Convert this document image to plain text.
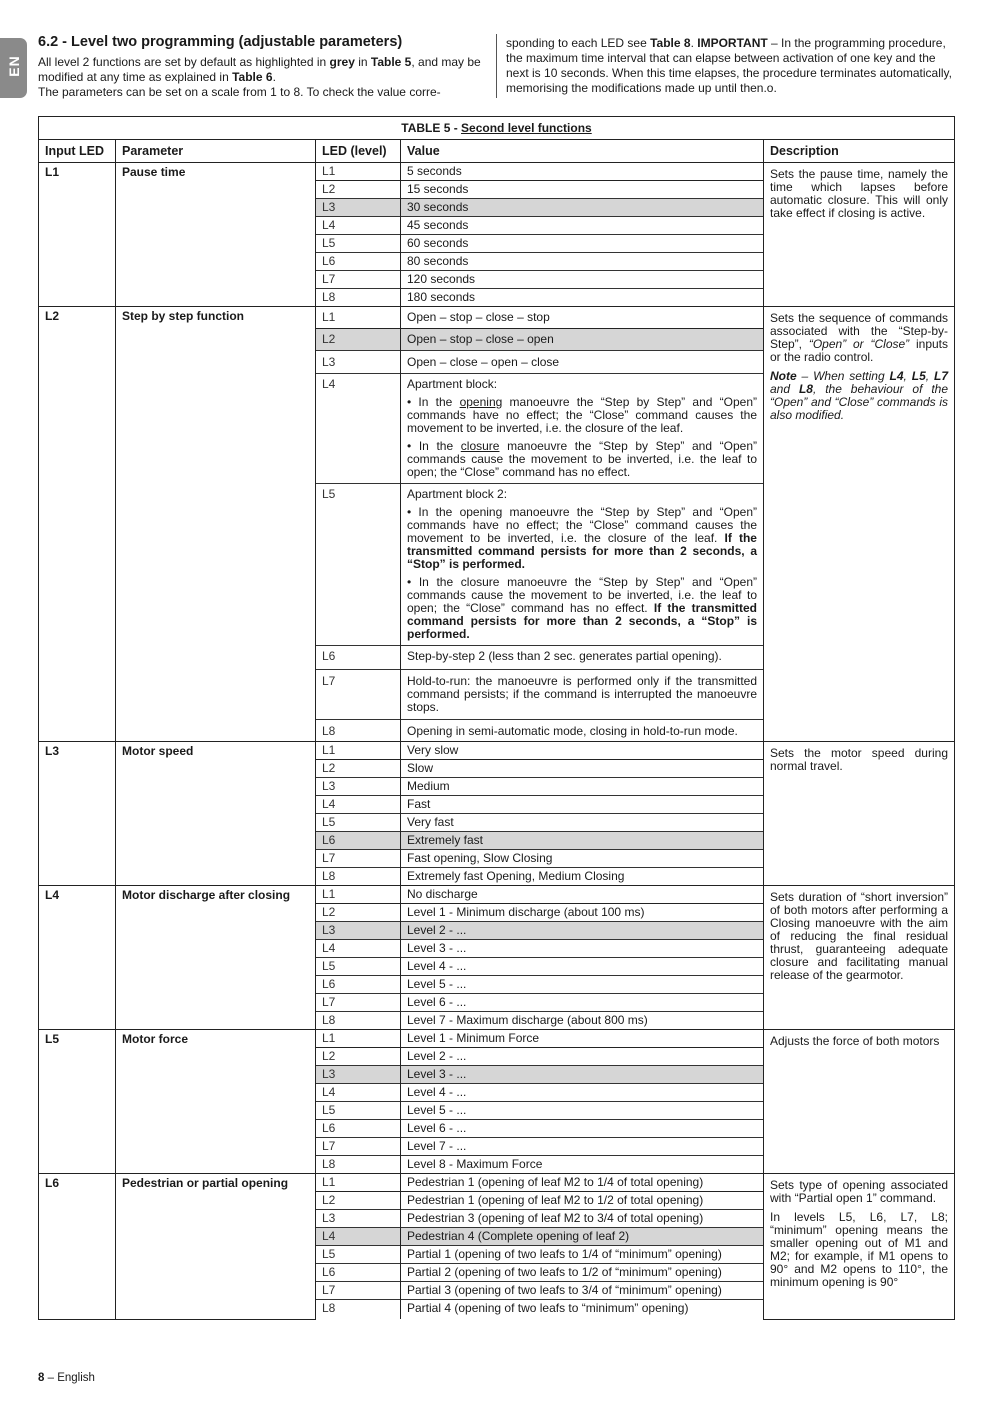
EN
6.2 - Level two programming (adjustable parameters)

All level 2 functions are set by default as highlighted in grey in Table 5, and may be modified at any time as explained in Table 6.

The parameters can be set on a scale from 1 to 8. To check the value corre-

sponding to each LED see Table 8. IMPORTANT – In the programming procedure, the maximum time interval that can elapse between activation of one key and the next is 10 seconds. When this time elapses, the procedure terminates automatically, memorising the modifications made up until then.o.

TABLE 5 - Second level functions				
Input LED	Parameter	LED (level)	Value	Description
L1	Pause time	L1	5 seconds	Sets the pause time, namely the time which lapses before automatic closure. This will only take effect if closing is active.
		L2	15 seconds	
		L3	30 seconds	
		L4	45 seconds	
		L5	60 seconds	
		L6	80 seconds	
		L7	120 seconds	
		L8	180 seconds	
L2	Step by step function	L1	Open – stop – close – stop	Sets the sequence of commands associated with the “Step-by-Step”, “Open” or “Close” inputs or the radio control.

Note – When setting L4, L5, L7 and L8, the behaviour of the “Open” and “Close” commands is also modified.

		L2	Open – stop – close – open	
		L3	Open – close – open – close	
		L4	Apartment block:

• In the opening manoeuvre the “Step by Step” and “Open” commands have no effect; the “Close” command causes the movement to be inverted, i.e. the closure of the leaf.

• In the closure manoeuvre the “Step by Step” and “Open” commands cause the movement to be inverted, i.e. the leaf to open; the “Close” command has no effect.	

		L5	Apartment block 2:

• In the opening manoeuvre the “Step by Step” and “Open” commands have no effect; the “Close” command causes the movement to be inverted, i.e. the closure of the leaf. If the transmitted command persists for more than 2 seconds, a “Stop” is performed.

• In the closure manoeuvre the “Step by Step” and “Open” commands cause the movement to be inverted, i.e. the leaf to open; the “Close” command has no effect. If the transmitted command persists for more than 2 seconds, a “Stop” is performed.	

		L6	Step-by-step 2 (less than 2 sec. generates partial opening).	
		L7	Hold-to-run: the manoeuvre is performed only if the transmitted command persists; if the command is interrupted the manoeuvre stops.	
		L8	Opening in semi-automatic mode, closing in hold-to-run mode.	
L3	Motor speed	L1	Very slow	Sets the motor speed during normal travel.
		L2	Slow	
		L3	Medium	
		L4	Fast	
		L5	Very fast	
		L6	Extremely fast	
		L7	Fast opening, Slow Closing	
		L8	Extremely fast Opening, Medium Closing	
L4	Motor discharge after closing	L1	No discharge	Sets duration of “short inversion” of both motors after performing a Closing manoeuvre with the aim of reducing the final residual thrust, guaranteeing adequate closure and facilitating manual release of the gearmotor.
		L2	Level 1 - Minimum discharge (about 100 ms)	
		L3	Level 2 - ...	
		L4	Level 3 - ...	
		L5	Level 4 - ...	
		L6	Level 5 - ...	
		L7	Level 6 - ...	
		L8	Level 7 - Maximum discharge (about 800 ms)	
L5	Motor force	L1	Level 1 - Minimum Force	Adjusts the force of both motors
		L2	Level 2 - ...	
		L3	Level 3 - ...	
		L4	Level 4 - ...	
		L5	Level 5 - ...	
		L6	Level 6 - ...	
		L7	Level 7 - ...	
		L8	Level 8 - Maximum Force	
L6	Pedestrian or partial opening	L1	Pedestrian 1 (opening of leaf M2 to 1/4 of total opening)	Sets type of opening associated with “Partial open 1” command.

In levels L5, L6, L7, L8; “minimum” opening means the smaller opening out of M1 and M2; for example, if M1 opens to 90° and M2 opens to 110°, the minimum opening is 90°

		L2	Pedestrian 1 (opening of leaf M2 to 1/2 of total opening)	
		L3	Pedestrian 3 (opening of leaf M2 to 3/4 of total opening)	
		L4	Pedestrian 4 (Complete opening of leaf 2)	
		L5	Partial 1 (opening of two leafs to 1/4 of “minimum” opening)	
		L6	Partial 2 (opening of two leafs to 1/2 of “minimum” opening)	
		L7	Partial 3 (opening of two leafs to 3/4 of “minimum” opening)	
		L8	Partial 4 (opening of two leafs to “minimum” opening)	
8 – English
